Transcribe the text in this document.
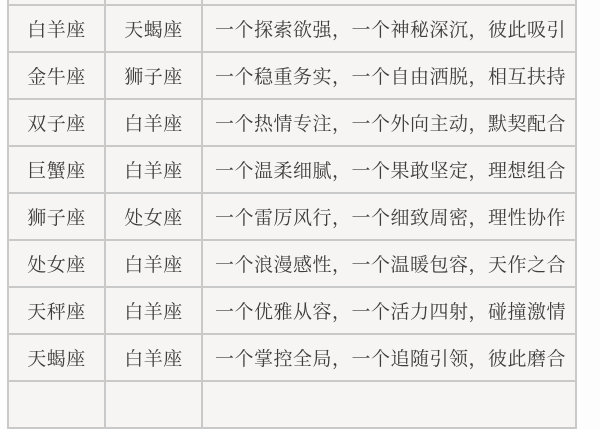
白羊座	天蝎座	一个探索欲强，一个神秘深沉，彼此吸引
金牛座	狮子座	一个稳重务实，一个自由洒脱，相互扶持
双子座	白羊座	一个热情专注，一个外向主动，默契配合
巨蟹座	白羊座	一个温柔细腻，一个果敢坚定，理想组合
狮子座	处女座	一个雷厉风行，一个细致周密，理性协作
处女座	白羊座	一个浪漫感性，一个温暖包容，天作之合
天秤座	白羊座	一个优雅从容，一个活力四射，碰撞激情
天蝎座	白羊座	一个掌控全局，一个追随引领，彼此磨合
